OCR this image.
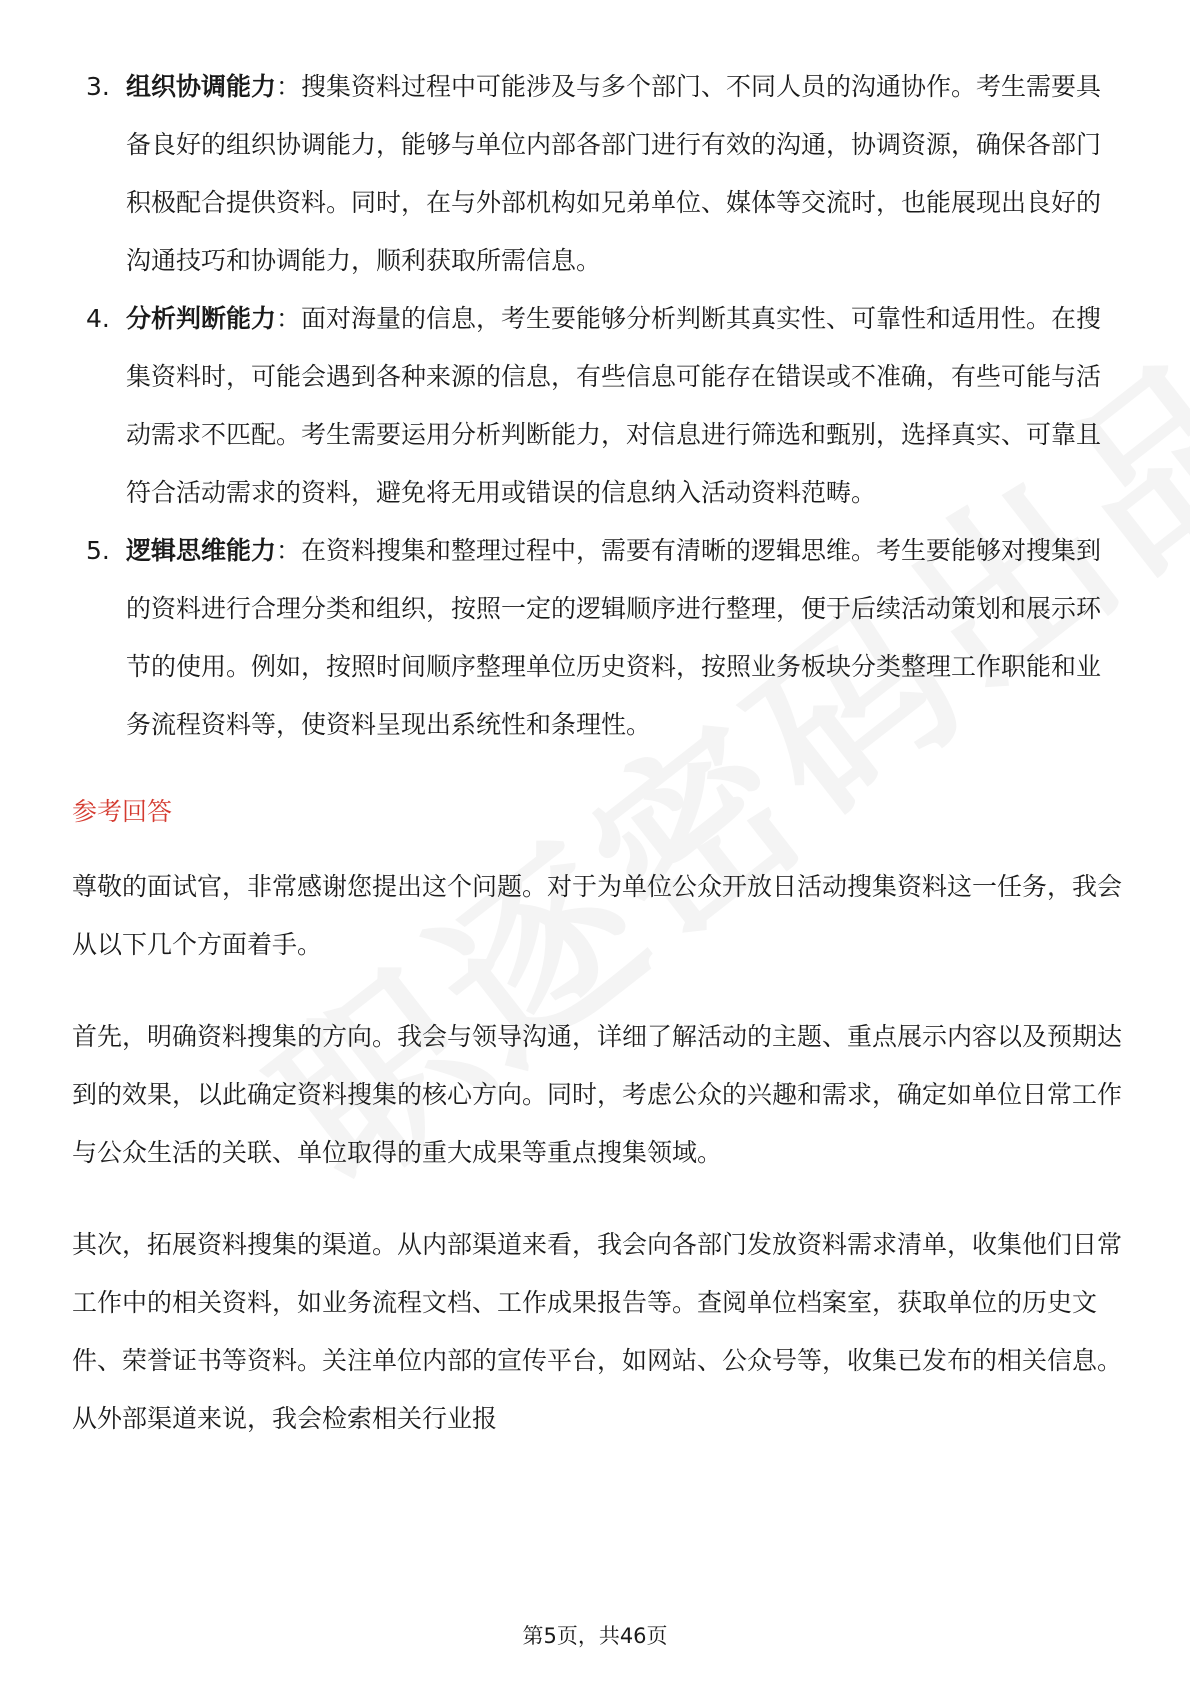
3. 组织协调能力：搜集资料过程中可能涉及与多个部门、不同人员的沟通协作。考生需要具备良好的组织协调能力，能够与单位内部各部门进行有效的沟通，协调资源，确保各部门积极配合提供资料。同时，在与外部机构如兄弟单位、媒体等交流时，也能展现出良好的沟通技巧和协调能力，顺利获取所需信息。
4. 分析判断能力：面对海量的信息，考生要能够分析判断其真实性、可靠性和适用性。在搜集资料时，可能会遇到各种来源的信息，有些信息可能存在错误或不准确，有些可能与活动需求不匹配。考生需要运用分析判断能力，对信息进行筛选和甄别，选择真实、可靠且符合活动需求的资料，避免将无用或错误的信息纳入活动资料范畴。
5. 逻辑思维能力：在资料搜集和整理过程中，需要有清晰的逻辑思维。考生要能够对搜集到的资料进行合理分类和组织，按照一定的逻辑顺序进行整理，便于后续活动策划和展示环节的使用。例如，按照时间顺序整理单位历史资料，按照业务板块分类整理工作职能和业务流程资料等，使资料呈现出系统性和条理性。
参考回答

尊敬的面试官，非常感谢您提出这个问题。对于为单位公众开放日活动搜集资料这一任务，我会从以下几个方面着手。

首先，明确资料搜集的方向。我会与领导沟通，详细了解活动的主题、重点展示内容以及预期达到的效果，以此确定资料搜集的核心方向。同时，考虑公众的兴趣和需求，确定如单位日常工作与公众生活的关联、单位取得的重大成果等重点搜集领域。

其次，拓展资料搜集的渠道。从内部渠道来看，我会向各部门发放资料需求清单，收集他们日常工作中的相关资料，如业务流程文档、工作成果报告等。查阅单位档案室，获取单位的历史文件、荣誉证书等资料。关注单位内部的宣传平台，如网站、公众号等，收集已发布的相关信息。从外部渠道来说，我会检索相关行业报

第5页，共46页
